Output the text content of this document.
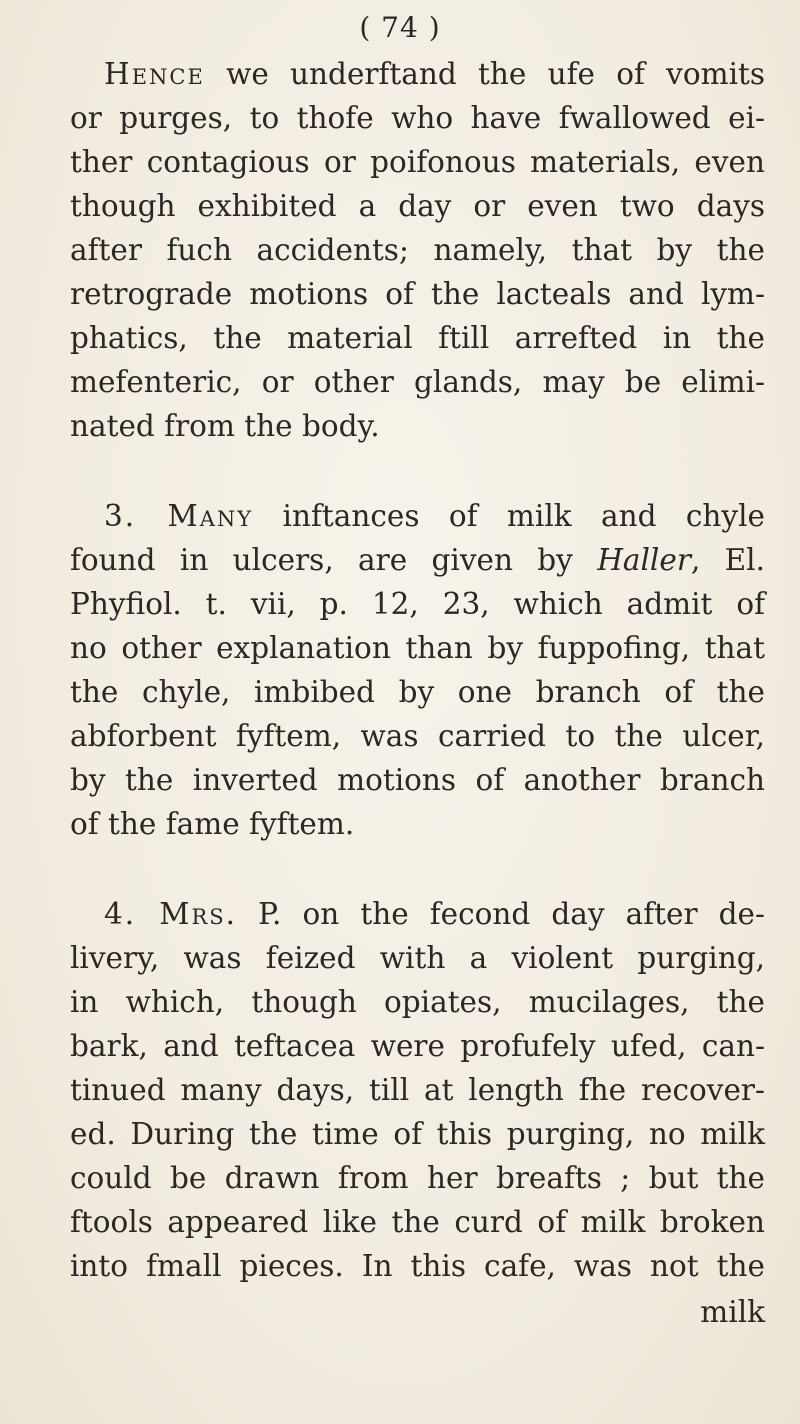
( 74 )
Hence we underftand the ufe of vomits
or purges, to thofe who have fwallowed ei-
ther contagious or poifonous materials, even
though exhibited a day or even two days
after fuch accidents; namely, that by the
retrograde motions of the lacteals and lym-
phatics, the material ftill arrefted in the
mefenteric, or other glands, may be elimi-
nated from the body.
3. Many inftances of milk and chyle
found in ulcers, are given by Haller, El.
Phyfiol. t. vii, p. 12, 23, which admit of
no other explanation than by fuppofing, that
the chyle, imbibed by one branch of the
abforbent fyftem, was carried to the ulcer,
by the inverted motions of another branch
of the fame fyftem.
4. Mrs. P. on the fecond day after de-
livery, was feized with a violent purging,
in which, though opiates, mucilages, the
bark, and teftacea were profufely ufed, can-
tinued many days, till at length fhe recover-
ed. During the time of this purging, no milk
could be drawn from her breafts ; but the
ftools appeared like the curd of milk broken
into fmall pieces. In this cafe, was not the
milk
